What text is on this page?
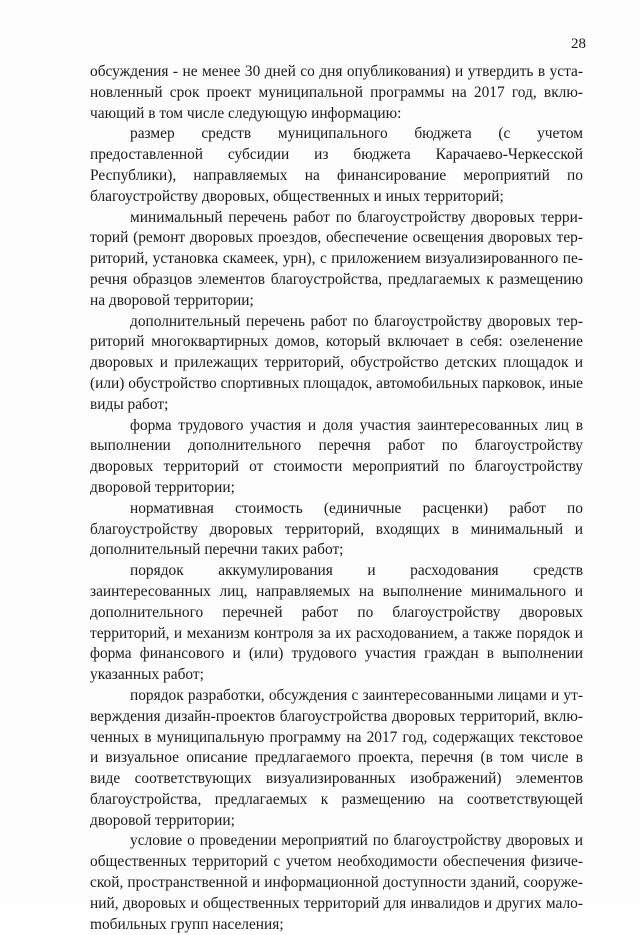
28

обсуждения - не менее 30 дней со дня опубликования) и утвердить в установленный срок проект муниципальной программы на 2017 год, включающий в том числе следующую информацию:

размер средств муниципального бюджета (с учетом предоставленной субсидии из бюджета Карачаево-Черкесской Республики), направляемых на финансирование мероприятий по благоустройству дворовых, общественных и иных территорий;

минимальный перечень работ по благоустройству дворовых территорий (ремонт дворовых проездов, обеспечение освещения дворовых территорий, установка скамеек, урн), с приложением визуализированного перечня образцов элементов благоустройства, предлагаемых к размещению на дворовой территории;

дополнительный перечень работ по благоустройству дворовых территорий многоквартирных домов, который включает в себя: озеленение дворовых и прилежащих территорий, обустройство детских площадок и (или) обустройство спортивных площадок, автомобильных парковок, иные виды работ;

форма трудового участия и доля участия заинтересованных лиц в выполнении дополнительного перечня работ по благоустройству дворовых территорий от стоимости мероприятий по благоустройству дворовой территории;

нормативная стоимость (единичные расценки) работ по благоустройству дворовых территорий, входящих в минимальный и дополнительный перечни таких работ;

порядок аккумулирования и расходования средств заинтересованных лиц, направляемых на выполнение минимального и дополнительного перечней работ по благоустройству дворовых территорий, и механизм контроля за их расходованием, а также порядок и форма финансового и (или) трудового участия граждан в выполнении указанных работ;

порядок разработки, обсуждения с заинтересованными лицами и утверждения дизайн-проектов благоустройства дворовых территорий, включенных в муниципальную программу на 2017 год, содержащих текстовое и визуальное описание предлагаемого проекта, перечня (в том числе в виде соответствующих визуализированных изображений) элементов благоустройства, предлагаемых к размещению на соответствующей дворовой территории;

условие о проведении мероприятий по благоустройству дворовых и общественных территорий с учетом необходимости обеспечения физической, пространственной и информационной доступности зданий, сооружений, дворовых и общественных территорий для инвалидов и других малоmобильных групп населения;
